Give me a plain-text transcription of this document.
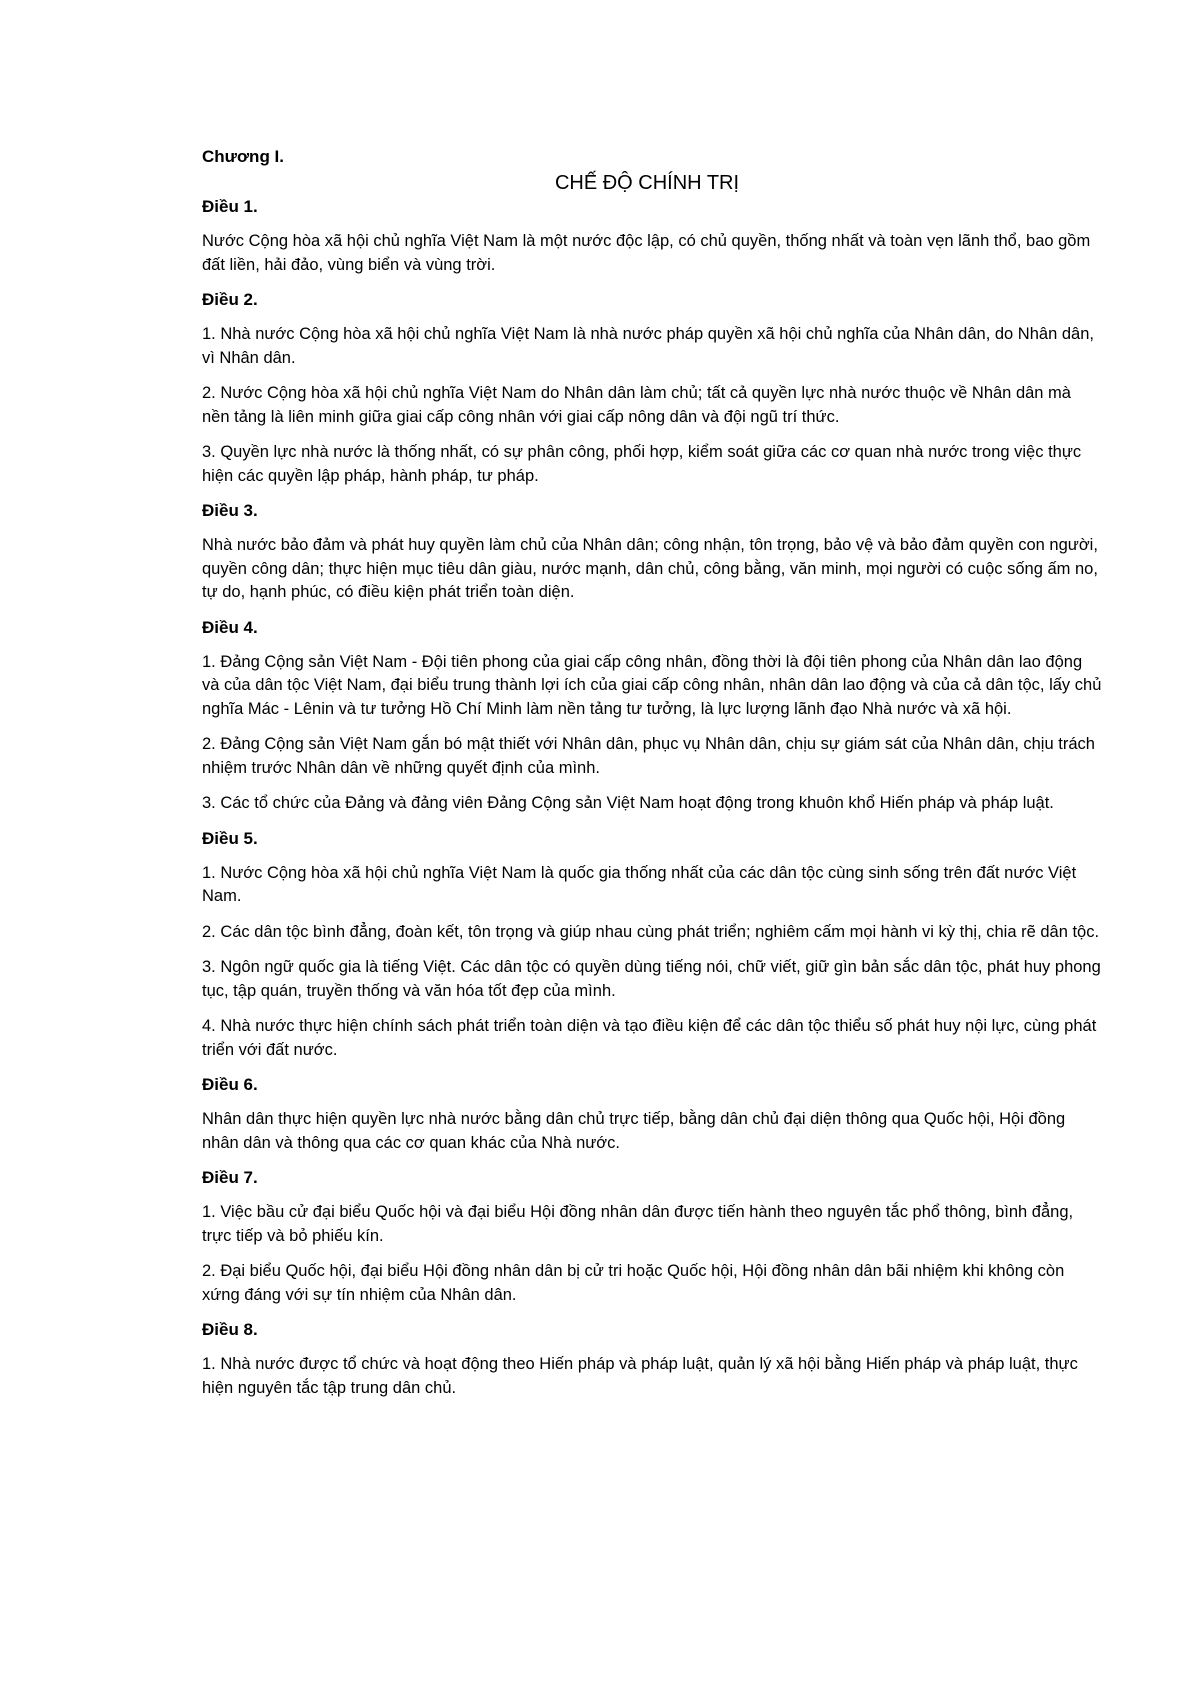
Chương I.
CHẾ ĐỘ CHÍNH TRỊ
Điều 1.

Nước Cộng hòa xã hội chủ nghĩa Việt Nam là một nước độc lập, có chủ quyền, thống nhất và toàn vẹn lãnh thổ, bao gồm đất liền, hải đảo, vùng biển và vùng trời.

Điều 2.

1. Nhà nước Cộng hòa xã hội chủ nghĩa Việt Nam là nhà nước pháp quyền xã hội chủ nghĩa của Nhân dân, do Nhân dân, vì Nhân dân.

2. Nước Cộng hòa xã hội chủ nghĩa Việt Nam do Nhân dân làm chủ; tất cả quyền lực nhà nước thuộc về Nhân dân mà nền tảng là liên minh giữa giai cấp công nhân với giai cấp nông dân và đội ngũ trí thức.

3. Quyền lực nhà nước là thống nhất, có sự phân công, phối hợp, kiểm soát giữa các cơ quan nhà nước trong việc thực hiện các quyền lập pháp, hành pháp, tư pháp.

Điều 3.

Nhà nước bảo đảm và phát huy quyền làm chủ của Nhân dân; công nhận, tôn trọng, bảo vệ và bảo đảm quyền con người, quyền công dân; thực hiện mục tiêu dân giàu, nước mạnh, dân chủ, công bằng, văn minh, mọi người có cuộc sống ấm no, tự do, hạnh phúc, có điều kiện phát triển toàn diện.

Điều 4.

1. Đảng Cộng sản Việt Nam - Đội tiên phong của giai cấp công nhân, đồng thời là đội tiên phong của Nhân dân lao động và của dân tộc Việt Nam, đại biểu trung thành lợi ích của giai cấp công nhân, nhân dân lao động và của cả dân tộc, lấy chủ nghĩa Mác - Lênin và tư tưởng Hồ Chí Minh làm nền tảng tư tưởng, là lực lượng lãnh đạo Nhà nước và xã hội.

2. Đảng Cộng sản Việt Nam gắn bó mật thiết với Nhân dân, phục vụ Nhân dân, chịu sự giám sát của Nhân dân, chịu trách nhiệm trước Nhân dân về những quyết định của mình.

3. Các tổ chức của Đảng và đảng viên Đảng Cộng sản Việt Nam hoạt động trong khuôn khổ Hiến pháp và pháp luật.

Điều 5.

1. Nước Cộng hòa xã hội chủ nghĩa Việt Nam là quốc gia thống nhất của các dân tộc cùng sinh sống trên đất nước Việt Nam.

2. Các dân tộc bình đẳng, đoàn kết, tôn trọng và giúp nhau cùng phát triển; nghiêm cấm mọi hành vi kỳ thị, chia rẽ dân tộc.

3. Ngôn ngữ quốc gia là tiếng Việt. Các dân tộc có quyền dùng tiếng nói, chữ viết, giữ gìn bản sắc dân tộc, phát huy phong tục, tập quán, truyền thống và văn hóa tốt đẹp của mình.

4. Nhà nước thực hiện chính sách phát triển toàn diện và tạo điều kiện để các dân tộc thiểu số phát huy nội lực, cùng phát triển với đất nước.

Điều 6.

Nhân dân thực hiện quyền lực nhà nước bằng dân chủ trực tiếp, bằng dân chủ đại diện thông qua Quốc hội, Hội đồng nhân dân và thông qua các cơ quan khác của Nhà nước.

Điều 7.

1. Việc bầu cử đại biểu Quốc hội và đại biểu Hội đồng nhân dân được tiến hành theo nguyên tắc phổ thông, bình đẳng, trực tiếp và bỏ phiếu kín.

2. Đại biểu Quốc hội, đại biểu Hội đồng nhân dân bị cử tri hoặc Quốc hội, Hội đồng nhân dân bãi nhiệm khi không còn xứng đáng với sự tín nhiệm của Nhân dân.

Điều 8.

1. Nhà nước được tổ chức và hoạt động theo Hiến pháp và pháp luật, quản lý xã hội bằng Hiến pháp và pháp luật, thực hiện nguyên tắc tập trung dân chủ.
